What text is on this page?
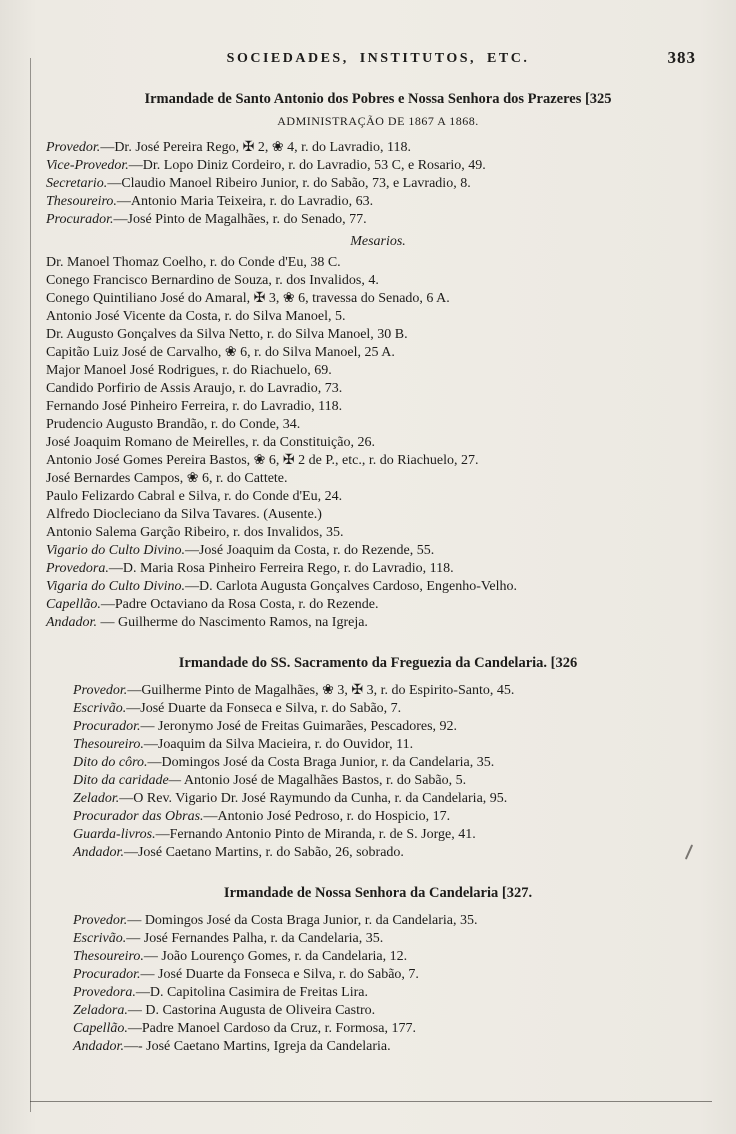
SOCIEDADES, INSTITUTOS, ETC.	383
Irmandade de Santo Antonio dos Pobres e Nossa Senhora dos Prazeres [325
ADMINISTRAÇÃO DE 1867 A 1868.

Provedor.—Dr. José Pereira Rego, ✠ 2, ❀ 4, r. do Lavradio, 118.

Vice-Provedor.—Dr. Lopo Diniz Cordeiro, r. do Lavradio, 53 C, e Rosario, 49.

Secretario.—Claudio Manoel Ribeiro Junior, r. do Sabão, 73, e Lavradio, 8.

Thesoureiro.—Antonio Maria Teixeira, r. do Lavradio, 63.

Procurador.—José Pinto de Magalhães, r. do Senado, 77.

Mesarios.

Dr. Manoel Thomaz Coelho, r. do Conde d'Eu, 38 C.

Conego Francisco Bernardino de Souza, r. dos Invalidos, 4.

Conego Quintiliano José do Amaral, ✠ 3, ❀ 6, travessa do Senado, 6 A.

Antonio José Vicente da Costa, r. do Silva Manoel, 5.

Dr. Augusto Gonçalves da Silva Netto, r. do Silva Manoel, 30 B.

Capitão Luiz José de Carvalho, ❀ 6, r. do Silva Manoel, 25 A.

Major Manoel José Rodrigues, r. do Riachuelo, 69.

Candido Porfirio de Assis Araujo, r. do Lavradio, 73.

Fernando José Pinheiro Ferreira, r. do Lavradio, 118.

Prudencio Augusto Brandão, r. do Conde, 34.

José Joaquim Romano de Meirelles, r. da Constituição, 26.

Antonio José Gomes Pereira Bastos, ❀ 6, ✠ 2 de P., etc., r. do Riachuelo, 27.

José Bernardes Campos, ❀ 6, r. do Cattete.

Paulo Felizardo Cabral e Silva, r. do Conde d'Eu, 24.

Alfredo Diocleciano da Silva Tavares. (Ausente.)

Antonio Salema Garção Ribeiro, r. dos Invalidos, 35.

Vigario do Culto Divino.—José Joaquim da Costa, r. do Rezende, 55.

Provedora.—D. Maria Rosa Pinheiro Ferreira Rego, r. do Lavradio, 118.

Vigaria do Culto Divino.—D. Carlota Augusta Gonçalves Cardoso, Engenho-Velho.

Capellão.—Padre Octaviano da Rosa Costa, r. do Rezende.

Andador. — Guilherme do Nascimento Ramos, na Igreja.

Irmandade do SS. Sacramento da Freguezia da Candelaria. [326

Provedor.—Guilherme Pinto de Magalhães, ❀ 3, ✠ 3, r. do Espirito-Santo, 45.

Escrivão.—José Duarte da Fonseca e Silva, r. do Sabão, 7.

Procurador.— Jeronymo José de Freitas Guimarães, Pescadores, 92.

Thesoureiro.—Joaquim da Silva Macieira, r. do Ouvidor, 11.

Dito do côro.—Domingos José da Costa Braga Junior, r. da Candelaria, 35.

Dito da caridade— Antonio José de Magalhães Bastos, r. do Sabão, 5.

Zelador.—O Rev. Vigario Dr. José Raymundo da Cunha, r. da Candelaria, 95.

Procurador das Obras.—Antonio José Pedroso, r. do Hospicio, 17.

Guarda-livros.—Fernando Antonio Pinto de Miranda, r. de S. Jorge, 41.

Andador.—José Caetano Martins, r. do Sabão, 26, sobrado.

Irmandade de Nossa Senhora da Candelaria [327.

Provedor.— Domingos José da Costa Braga Junior, r. da Candelaria, 35.

Escrivão.— José Fernandes Palha, r. da Candelaria, 35.

Thesoureiro.— João Lourenço Gomes, r. da Candelaria, 12.

Procurador.— José Duarte da Fonseca e Silva, r. do Sabão, 7.

Provedora.—D. Capitolina Casimira de Freitas Lira.

Zeladora.— D. Castorina Augusta de Oliveira Castro.

Capellão.—Padre Manoel Cardoso da Cruz, r. Formosa, 177.

Andador.—- José Caetano Martins, Igreja da Candelaria.
